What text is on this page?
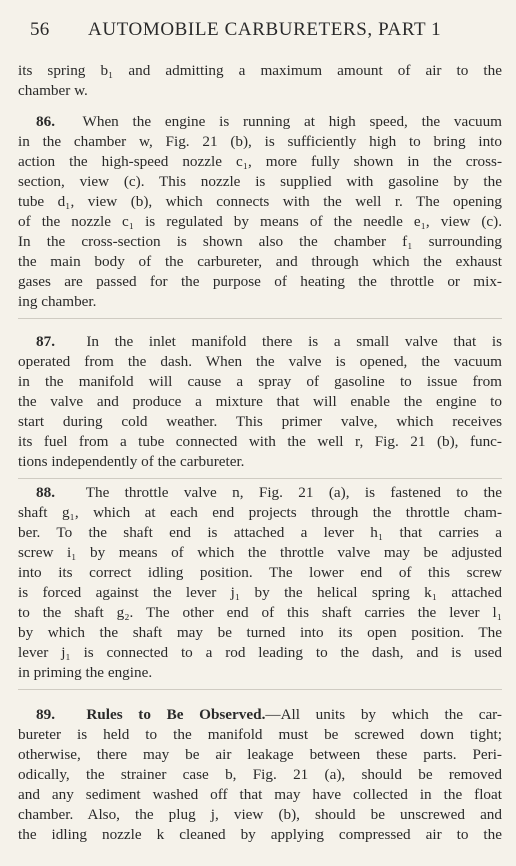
56 AUTOMOBILE CARBURETERS, PART 1
its spring b₁ and admitting a maximum amount of air to the
chamber w.
86. When the engine is running at high speed, the vacuum
in the chamber w, Fig. 21 (b), is sufficiently high to bring into
action the high-speed nozzle c₁, more fully shown in the cross-
section, view (c). This nozzle is supplied with gasoline by the
tube d₁, view (b), which connects with the well r. The opening
of the nozzle c₁ is regulated by means of the needle e₁, view (c).
In the cross-section is shown also the chamber f₁ surrounding
the main body of the carbureter, and through which the exhaust
gases are passed for the purpose of heating the throttle or mix-
ing chamber.
87. In the inlet manifold there is a small valve that is
operated from the dash. When the valve is opened, the vacuum
in the manifold will cause a spray of gasoline to issue from
the valve and produce a mixture that will enable the engine to
start during cold weather. This primer valve, which receives
its fuel from a tube connected with the well r, Fig. 21 (b), func-
tions independently of the carbureter.
88. The throttle valve n, Fig. 21 (a), is fastened to the
shaft g₁, which at each end projects through the throttle cham-
ber. To the shaft end is attached a lever h₁ that carries a
screw i₁ by means of which the throttle valve may be adjusted
into its correct idling position. The lower end of this screw
is forced against the lever j₁ by the helical spring k₁ attached
to the shaft g₂. The other end of this shaft carries the lever l₁
by which the shaft may be turned into its open position. The
lever j₁ is connected to a rod leading to the dash, and is used
in priming the engine.
89. Rules to Be Observed.—All units by which the car-
bureter is held to the manifold must be screwed down tight;
otherwise, there may be air leakage between these parts. Peri-
odically, the strainer case b, Fig. 21 (a), should be removed
and any sediment washed off that may have collected in the float
chamber. Also, the plug j, view (b), should be unscrewed and
the idling nozzle k cleaned by applying compressed air to the
